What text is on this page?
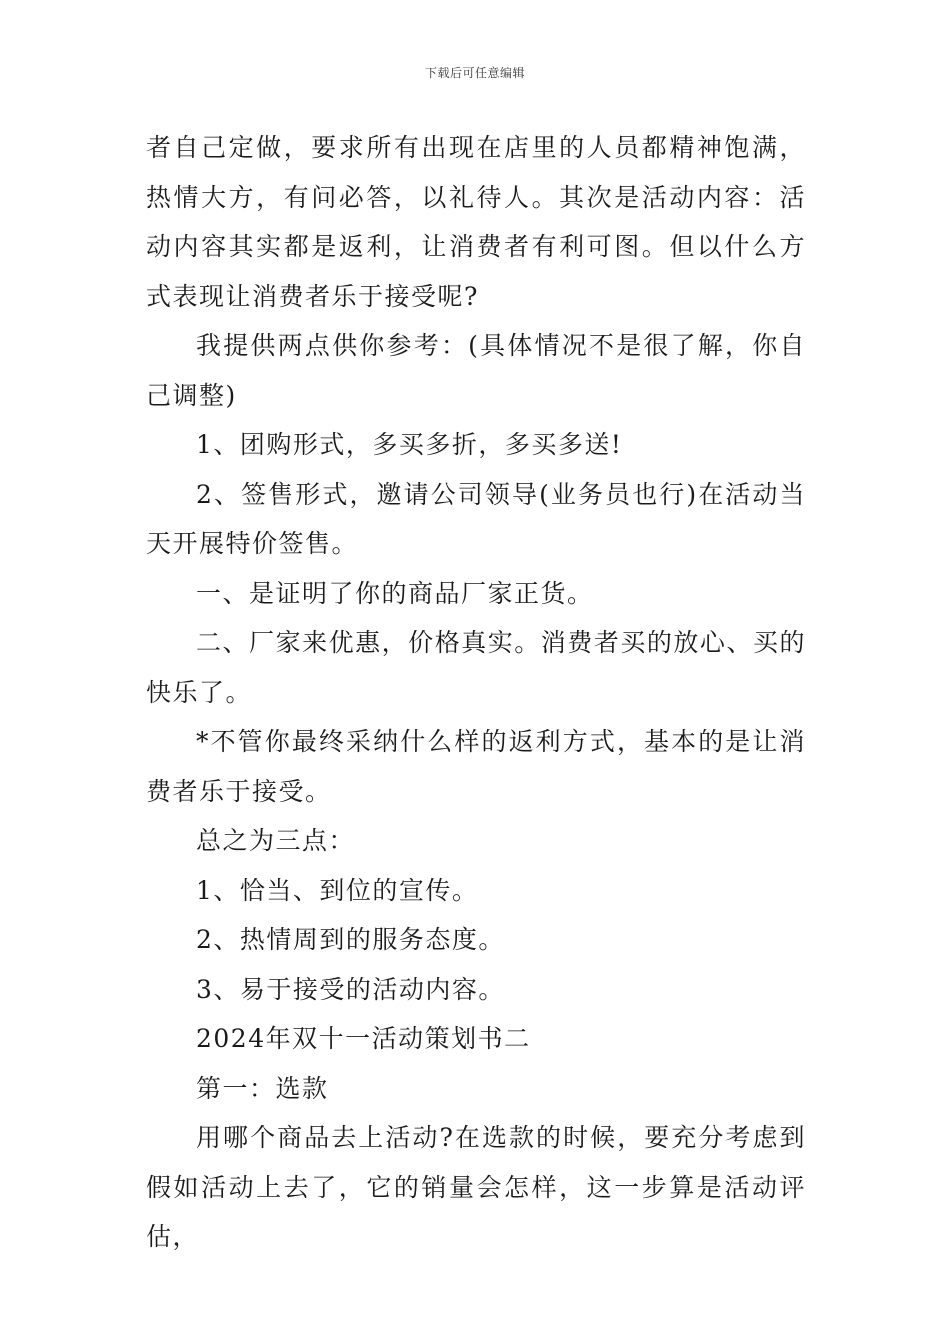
下载后可任意编辑

者自己定做，要求所有出现在店里的人员都精神饱满，热情大方，有问必答，以礼待人。其次是活动内容：活动内容其实都是返利，让消费者有利可图。但以什么方式表现让消费者乐于接受呢?

我提供两点供你参考：(具体情况不是很了解，你自己调整)

1、团购形式，多买多折，多买多送!

2、签售形式，邀请公司领导(业务员也行)在活动当天开展特价签售。

一、是证明了你的商品厂家正货。

二、厂家来优惠，价格真实。消费者买的放心、买的快乐了。

*不管你最终采纳什么样的返利方式，基本的是让消费者乐于接受。

总之为三点：

1、恰当、到位的宣传。

2、热情周到的服务态度。

3、易于接受的活动内容。

2024年双十一活动策划书二

第一：选款

用哪个商品去上活动?在选款的时候，要充分考虑到假如活动上去了，它的销量会怎样，这一步算是活动评估，
